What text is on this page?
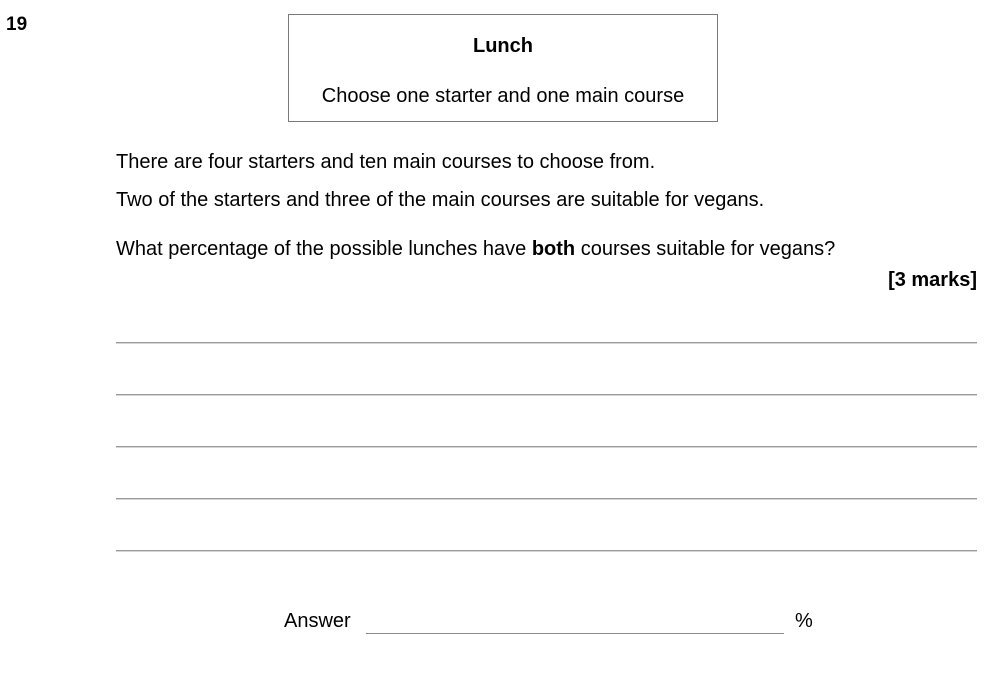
19
Lunch
Choose one starter and one main course
There are four starters and ten main courses to choose from.
Two of the starters and three of the main courses are suitable for vegans.
What percentage of the possible lunches have both courses suitable for vegans?
[3 marks]
Answer	%
